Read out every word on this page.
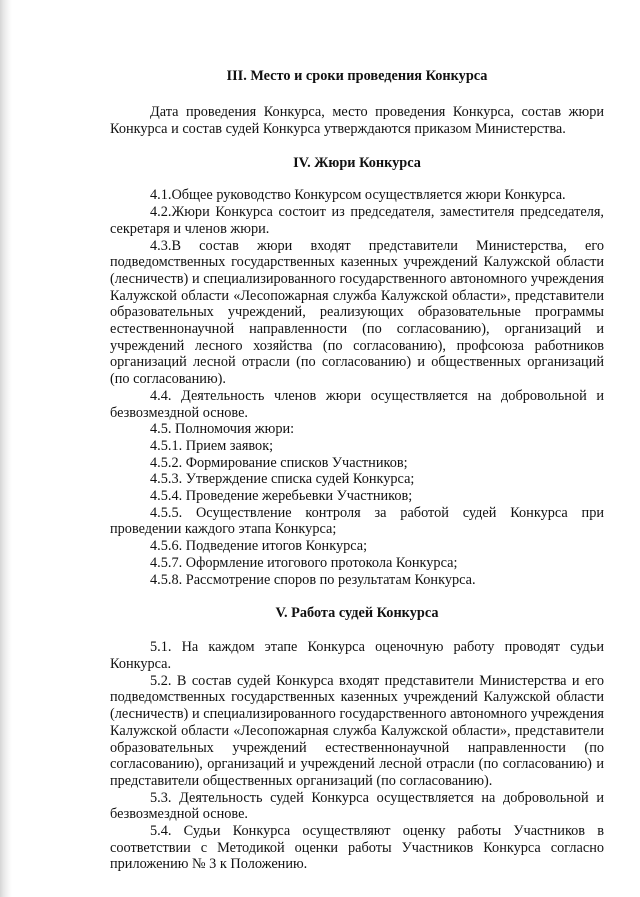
III. Место и сроки проведения Конкурса

Дата проведения Конкурса, место проведения Конкурса, состав жюри Конкурса и состав судей Конкурса утверждаются приказом Министерства.

IV. Жюри Конкурса

4.1.Общее руководство Конкурсом осуществляется жюри Конкурса.

4.2.Жюри Конкурса состоит из председателя, заместителя председателя, секретаря и членов жюри.

4.3.В состав жюри входят представители Министерства, его подведомственных государственных казенных учреждений Калужской области (лесничеств) и специализированного государственного автономного учреждения Калужской области «Лесопожарная служба Калужской области», представители образовательных учреждений, реализующих образовательные программы естественнонаучной направленности (по согласованию), организаций и учреждений лесного хозяйства (по согласованию), профсоюза работников организаций лесной отрасли (по согласованию) и общественных организаций (по согласованию).

4.4. Деятельность членов жюри осуществляется на добровольной и безвозмездной основе.

4.5. Полномочия жюри:

4.5.1. Прием заявок;

4.5.2. Формирование списков Участников;

4.5.3. Утверждение списка судей Конкурса;

4.5.4. Проведение жеребьевки Участников;

4.5.5. Осуществление контроля за работой судей Конкурса при проведении каждого этапа Конкурса;

4.5.6. Подведение итогов Конкурса;

4.5.7. Оформление итогового протокола Конкурса;

4.5.8. Рассмотрение споров по результатам Конкурса.

V. Работа судей Конкурса

5.1. На каждом этапе Конкурса оценочную работу проводят судьи Конкурса.

5.2. В состав судей Конкурса входят представители Министерства и его подведомственных государственных казенных учреждений Калужской области (лесничеств) и специализированного государственного автономного учреждения Калужской области «Лесопожарная служба Калужской области», представители образовательных учреждений естественнонаучной направленности (по согласованию), организаций и учреждений лесной отрасли (по согласованию) и представители общественных организаций (по согласованию).

5.3. Деятельность судей Конкурса осуществляется на добровольной и безвозмездной основе.

5.4. Судьи Конкурса осуществляют оценку работы Участников в соответствии с Методикой оценки работы Участников Конкурса согласно приложению № 3 к Положению.
